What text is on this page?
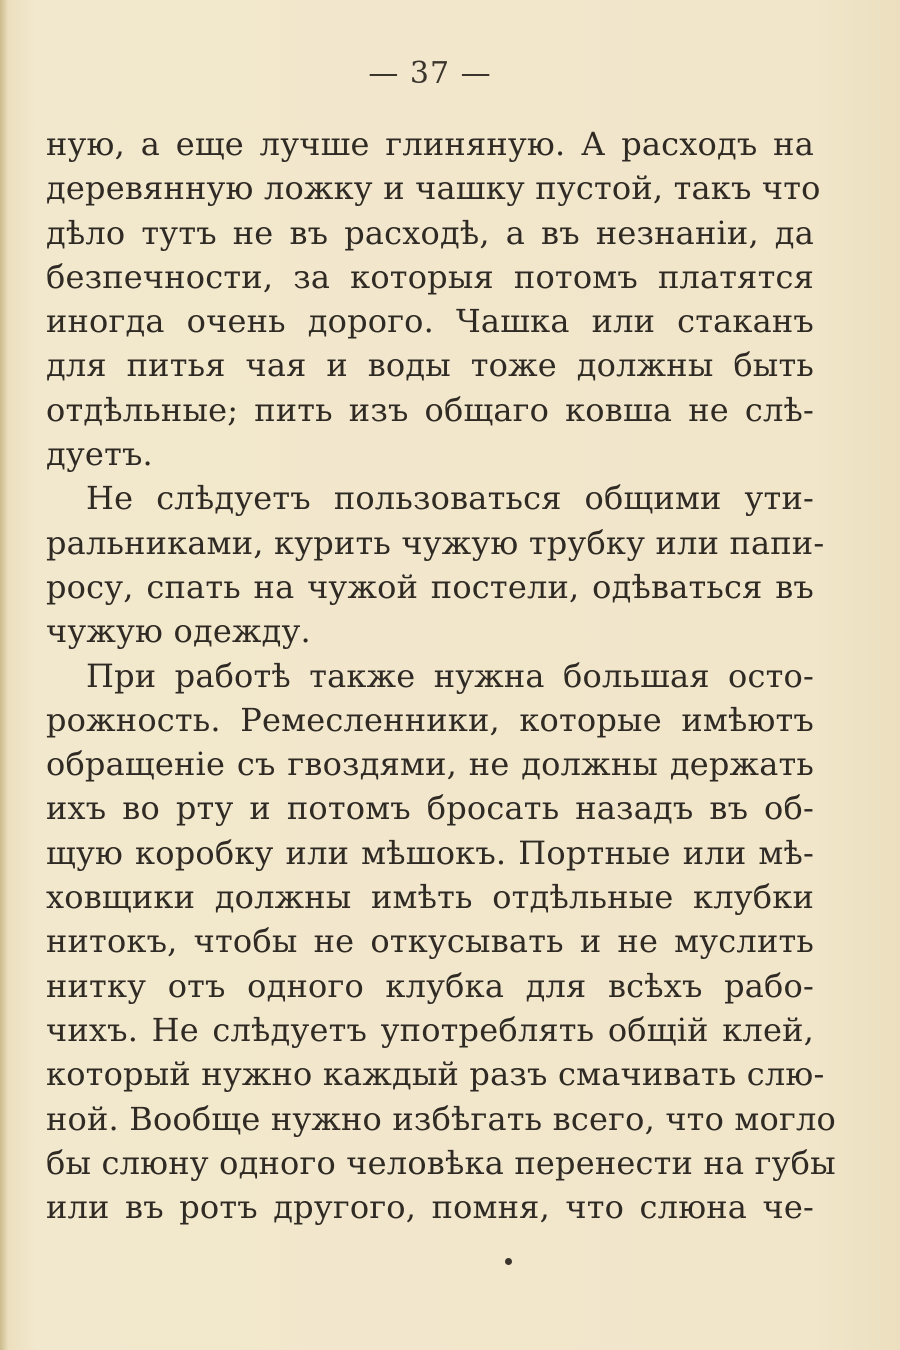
— 37 —
ную, а еще лучше глиняную. А расходъ на
деревянную ложку и чашку пустой, такъ что
дѣло тутъ не въ расходѣ, а въ незнанiи, да
безпечности, за которыя потомъ платятся
иногда очень дорого. Чашка или стаканъ
для питья чая и воды тоже должны быть
отдѣльные; пить изъ общаго ковша не слѣ-
дуетъ.
Не слѣдуетъ пользоваться общими ути-
ральниками, курить чужую трубку или папи-
росу, спать на чужой постели, одѣваться въ
чужую одежду.
При работѣ также нужна большая осто-
рожность. Ремесленники, которые имѣютъ
обращенiе съ гвоздями, не должны держать
ихъ во рту и потомъ бросать назадъ въ об-
щую коробку или мѣшокъ. Портные или мѣ-
ховщики должны имѣть отдѣльные клубки
нитокъ, чтобы не откусывать и не муслить
нитку отъ одного клубка для всѣхъ рабо-
чихъ. Не слѣдуетъ употреблять общiй клей,
который нужно каждый разъ смачивать слю-
ной. Вообще нужно избѣгать всего, что могло
бы слюну одного человѣка перенести на губы
или въ ротъ другого, помня, что слюна че-
